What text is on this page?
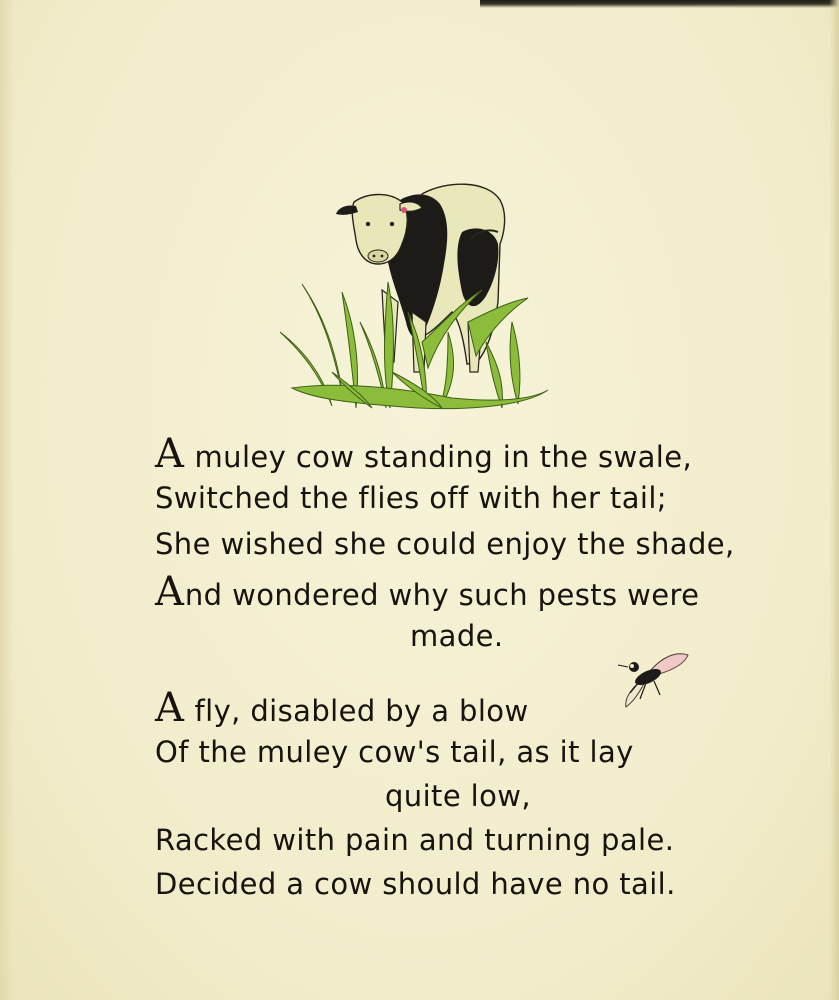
A muley cow standing in the swale,
Switched the flies off with her tail;
She wished she could enjoy the shade,
And wondered why such pests were
made.
A fly, disabled by a blow
Of the muley cow's tail, as it lay
quite low,
Racked with pain and turning pale.
Decided a cow should have no tail.
